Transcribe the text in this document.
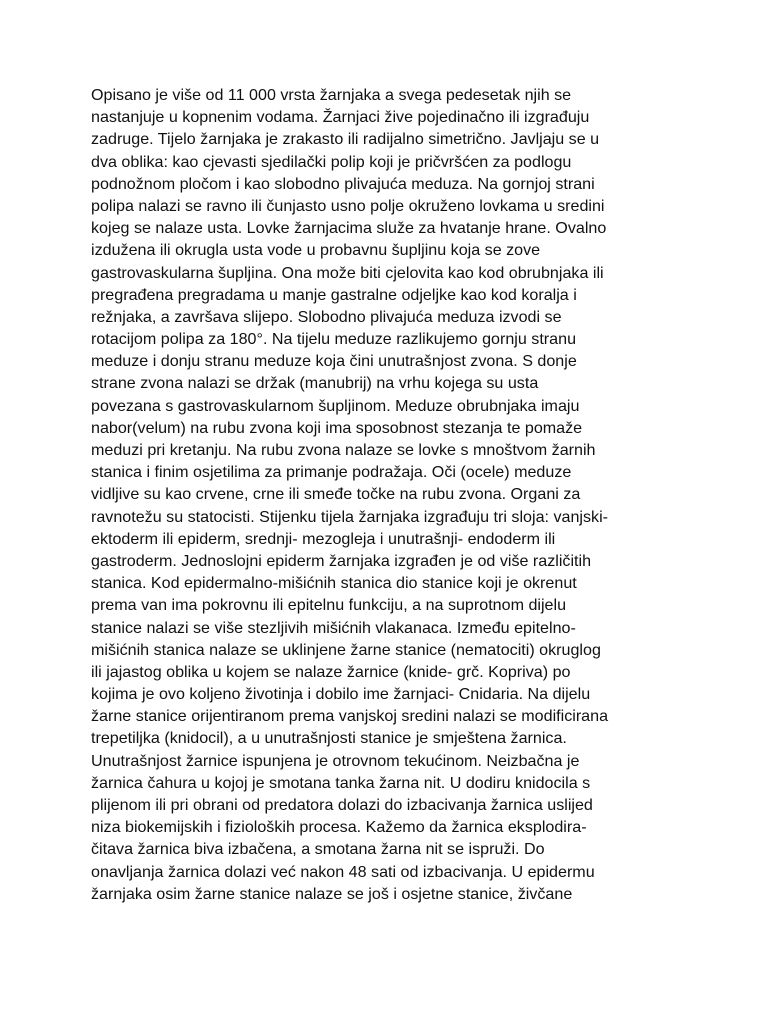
Opisano je više od 11 000 vrsta žarnjaka a svega pedesetak njih se
nastanjuje u kopnenim vodama. Žarnjaci žive pojedinačno ili izgrađuju
zadruge. Tijelo žarnjaka je zrakasto ili radijalno simetrično. Javljaju se u
dva oblika: kao cjevasti sjedilački polip koji je pričvršćen za podlogu
podnožnom pločom i kao slobodno plivajuća meduza. Na gornjoj strani
polipa nalazi se ravno ili čunjasto usno polje okruženo lovkama u sredini
kojeg se nalaze usta. Lovke žarnjacima služe za hvatanje hrane. Ovalno
izdužena ili okrugla usta vode u probavnu šupljinu koja se zove
gastrovaskularna šupljina. Ona može biti cjelovita kao kod obrubnjaka ili
pregrađena pregradama u manje gastralne odjeljke kao kod koralja i
režnjaka, a završava slijepo. Slobodno plivajuća meduza izvodi se
rotacijom polipa za 180°. Na tijelu meduze razlikujemo gornju stranu
meduze i donju stranu meduze koja čini unutrašnjost zvona. S donje
strane zvona nalazi se držak (manubrij) na vrhu kojega su usta
povezana s gastrovaskularnom šupljinom. Meduze obrubnjaka imaju
nabor(velum) na rubu zvona koji ima sposobnost stezanja te pomaže
meduzi pri kretanju. Na rubu zvona nalaze se lovke s mnoštvom žarnih
stanica i finim osjetilima za primanje podražaja. Oči (ocele) meduze
vidljive su kao crvene, crne ili smeđe točke na rubu zvona. Organi za
ravnotežu su statocisti. Stijenku tijela žarnjaka izgrađuju tri sloja: vanjski-
ektoderm ili epiderm, srednji- mezogleja i unutrašnji- endoderm ili
gastroderm. Jednoslojni epiderm žarnjaka izgrađen je od više različitih
stanica. Kod epidermalno-mišićnih stanica dio stanice koji je okrenut
prema van ima pokrovnu ili epitelnu funkciju, a na suprotnom dijelu
stanice nalazi se više stezljivih mišićnih vlakanaca. Između epitelno-
mišićnih stanica nalaze se uklinjene žarne stanice (nematociti) okruglog
ili jajastog oblika u kojem se nalaze žarnice (knide- grč. Kopriva) po
kojima je ovo koljeno životinja i dobilo ime žarnjaci- Cnidaria. Na dijelu
žarne stanice orijentiranom prema vanjskoj sredini nalazi se modificirana
trepetiljka (knidocil), a u unutrašnjosti stanice je smještena žarnica.
Unutrašnjost žarnice ispunjena je otrovnom tekućinom. Neizbačna je
žarnica čahura u kojoj je smotana tanka žarna nit. U dodiru knidocila s
plijenom ili pri obrani od predatora dolazi do izbacivanja žarnica uslijed
niza biokemijskih i fizioloških procesa. Kažemo da žarnica eksplodira-
čitava žarnica biva izbačena, a smotana žarna nit se ispruži. Do
onavljanja žarnica dolazi već nakon 48 sati od izbacivanja. U epidermu
žarnjaka osim žarne stanice nalaze se još i osjetne stanice, živčane
